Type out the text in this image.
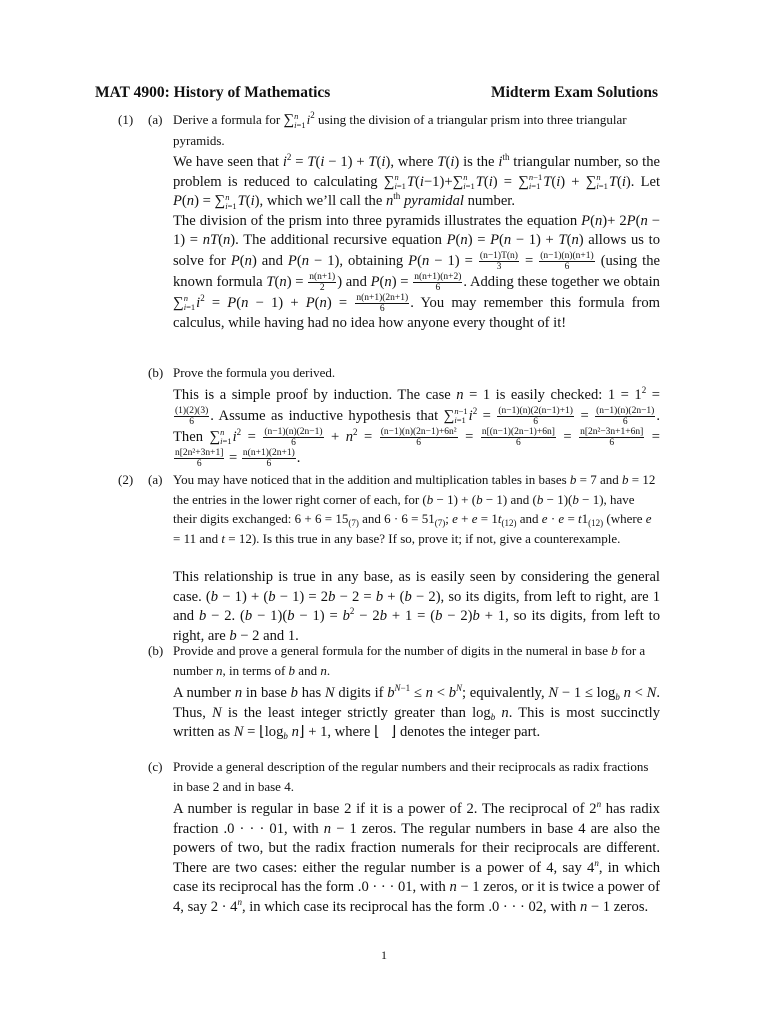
MAT 4900: History of Mathematics	Midterm Exam Solutions
(1) (a) Derive a formula for ∑ n
i=1 $i^2$ using the division of a triangular prism into three triangular pyramids.

We have seen that $i^2 = T(i - 1) + T(i)$, where T(i) is the $i^{th}$ triangular number, so the problem is reduced to calculating ∑ n
i=1 T(i−1)+∑ n
i=1 T(i) = ∑ n−1
i=1 T(i) + ∑ n
i=1 T(i). Let P(n) = ∑ n
i=1 T(i), which we’ll call the $n^{th}$ pyramidal number.

The division of the prism into three pyramids illustrates the equation P(n)+ 2P(n − 1) = nT(n). The additional recursive equation P(n) = P(n − 1) + T(n) allows us to solve for P(n) and P(n − 1), obtaining $P(n - 1) = \frac{(n-1)T(n)}{3} = \frac{(n-1)(n)(n+1)}{6} (using$ the known formula $T(n) = \frac{n(n+1)}{2}$ ) and $P(n) = \frac{n(n+1)(n+2)}{6}$ . Adding these together we obtain ∑ n
i=1 $i^2 = P(n - 1) + P(n) = \frac{n(n+1)(2n+1)}{6}$ . You may remember this formula from calculus, while having had no idea how anyone every thought of it!

(b) Prove the formula you derived.

This is a simple proof by induction. The case n = 1 is easily checked: $1 = 1^2$ =
$\frac{(1)(2)(3)}{6}$ . Assume as inductive hypothesis that ∑ n−1
i=1 $i^2 = \frac{(n-1)(n)(2(n-1)+1)}{6} = \frac{(n-1)(n)(2n-1)}{6}$ . Then ∑ n
i=1 $i^2 = \frac{(n-1)(n)(2n-1)}{6} + n^2 = \frac{\text{(n−1)(n)(2n−1)+6n²}}{6} = \frac{n[(n-1)(2n-1)+6n]}{6} = \frac{\text{n[2n²−3n+1+6n]}}{6}$ =
$\frac{\text{n[2n²+3n+1]}}{6} = \frac{n(n+1)(2n+1)}{6}$ .

(2) (a) You may have noticed that in the addition and multiplication tables in bases b = 7 and b = 12 the entries in the lower right corner of each, for (b − 1) + (b − 1) and (b − 1)(b − 1), have their digits exchanged: $6 + 6 = 15_{(7)}$ and $6 \cdot 6 = 51_{(7)}$; $e + e = 1t_{(12)}$ and $e \cdot e = t1_{(12)}$ (where e = 11 and t = 12). Is this true in any base? If so, prove it; if not, give a counterexample.

This relationship is true in any base, as is easily seen by considering the general case. (b − 1) + (b − 1) = 2b − 2 = b + (b − 2), so its digits, from left to right, are 1 and b − 2. $(b - 1)(b - 1) = b^2 - 2b + 1 = (b - 2)b + 1$, so its digits, from left to right, are b − 2 and 1.

(b) Provide and prove a general formula for the number of digits in the numeral in base b for a number n, in terms of b and n.

A number n in base b has N digits if $b^{N-1} \le n < b^N$; equivalently, $N - 1 \le \log_b n < N$. Thus, N is the least integer strictly greater than $\log_b n$. This is most succinctly written as $N = ⌊\log_b$ n⌋ + 1, where ⌊   ⌋ denotes the integer part.

(c) Provide a general description of the regular numbers and their reciprocals as radix fractions in base 2 and in base 4.

A number is regular in base 2 if it is a power of 2. The reciprocal of 2$^n$ has radix fraction .0 · · · 01, with n − 1 zeros. The regular numbers in base 4 are also the powers of two, but the radix fraction numerals for their reciprocals are different. There are two cases: either the regular number is a power of 4, say 4$^n$, in which case its reciprocal has the form .0 · · · 01, with n − 1 zeros, or it is twice a power of 4, say $2 \cdot 4^n$, in which case its reciprocal has the form .0 · · · 02, with n − 1 zeros.

1
